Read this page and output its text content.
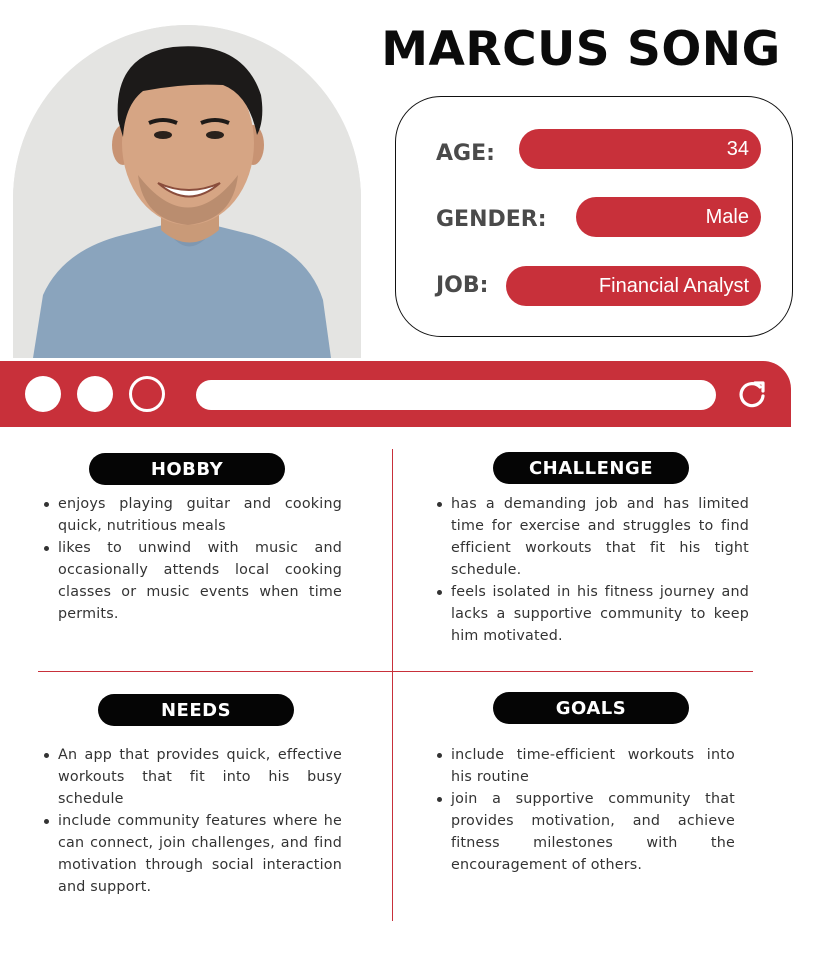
MARCUS SONG
AGE:	34
GENDER:	Male
JOB:	Financial Analyst
HOBBY
enjoys playing guitar and cooking quick, nutritious meals
likes to unwind with music and occasionally attends local cooking classes or music events when time permits.
CHALLENGE
has a demanding job and has limited time for exercise and struggles to find efficient workouts that fit his tight schedule.
feels isolated in his fitness journey and lacks a supportive community to keep him motivated.
NEEDS
An app that provides quick, effective workouts that fit into his busy schedule
include community features where he can connect, join challenges, and find motivation through social interaction and support.
GOALS
include time-efficient workouts into his routine
join a supportive community that provides motivation, and achieve fitness milestones with the encouragement of others.
